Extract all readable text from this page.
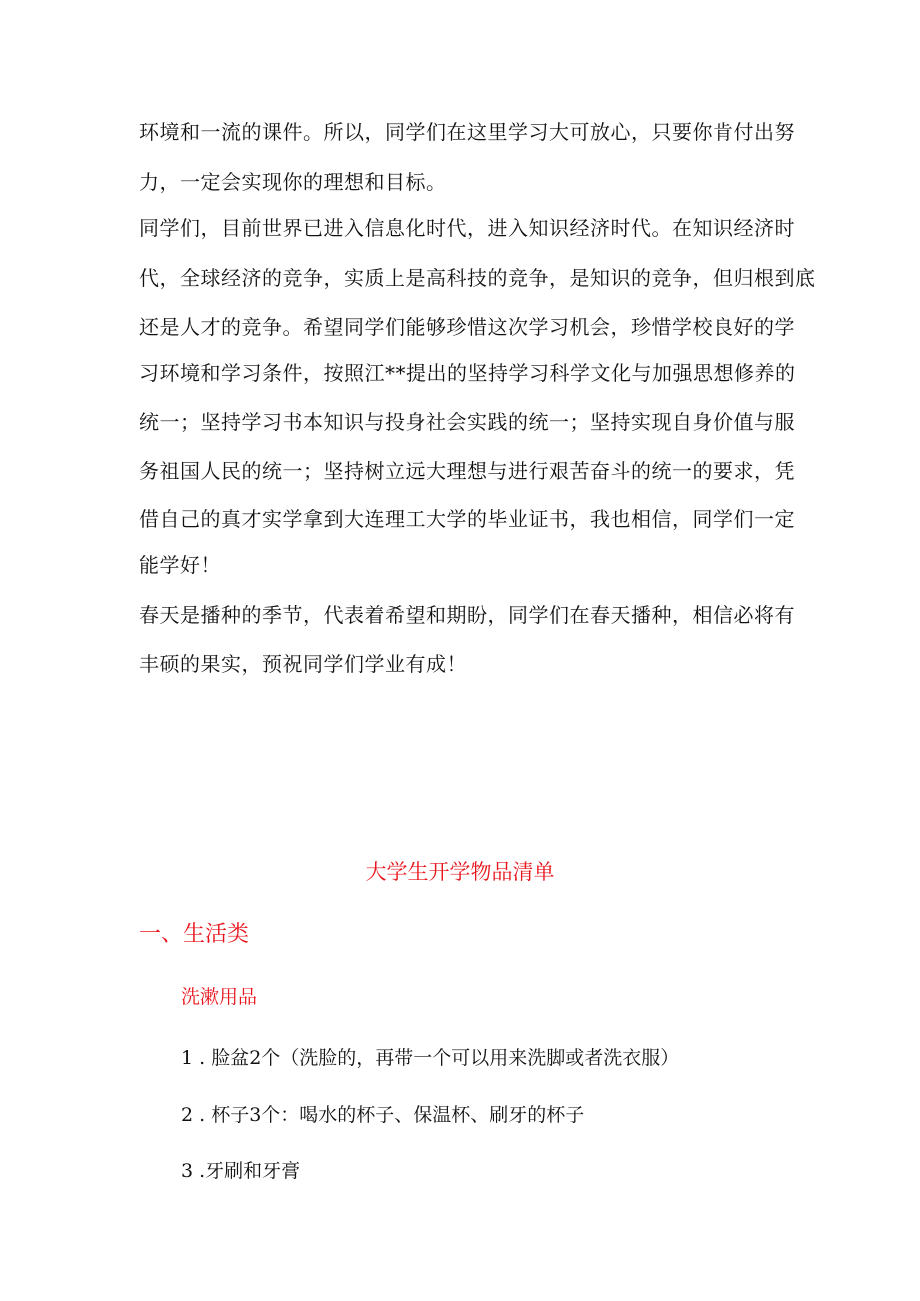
环境和一流的课件。所以，同学们在这里学习大可放心，只要你肯付出努
力，一定会实现你的理想和目标。
同学们，目前世界已进入信息化时代，进入知识经济时代。在知识经济时
代，全球经济的竞争，实质上是高科技的竞争，是知识的竞争，但归根到底
还是人才的竞争。希望同学们能够珍惜这次学习机会，珍惜学校良好的学
习环境和学习条件，按照江**提出的坚持学习科学文化与加强思想修养的
统一；坚持学习书本知识与投身社会实践的统一；坚持实现自身价值与服
务祖国人民的统一；坚持树立远大理想与进行艰苦奋斗的统一的要求，凭
借自己的真才实学拿到大连理工大学的毕业证书，我也相信，同学们一定
能学好！
春天是播种的季节，代表着希望和期盼，同学们在春天播种，相信必将有
丰硕的果实，预祝同学们学业有成！
大学生开学物品清单
一、生活类
洗漱用品
1 . 脸盆2个（洗脸的，再带一个可以用来洗脚或者洗衣服）
2 . 杯子3个：喝水的杯子、保温杯、刷牙的杯子
3 .牙刷和牙膏
